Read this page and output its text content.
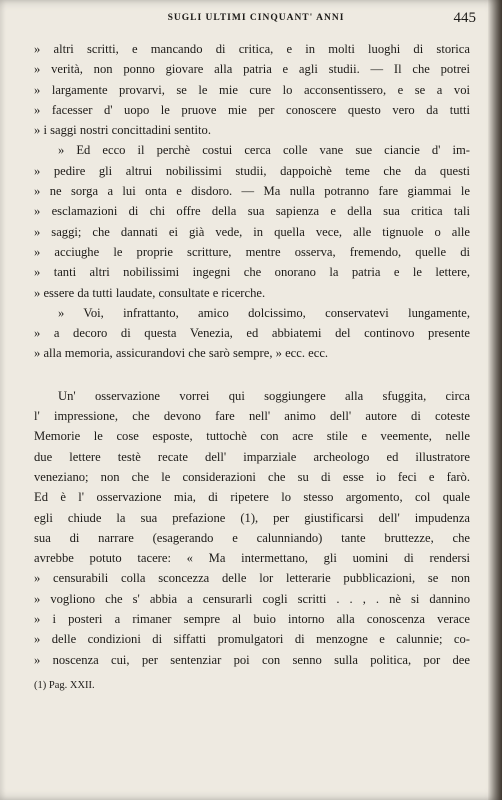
SUGLI ULTIMI CINQUANT' ANNI	445
» altri scritti, e mancando di critica, e in molti luoghi di storica
» verità, non ponno giovare alla patria e agli studii. — Il che potrei
» largamente provarvi, se le mie cure lo acconsentissero, e se a voi
» facesser d' uopo le pruove mie per conoscere questo vero da tutti
» i saggi nostri concittadini sentito.
» Ed ecco il perchè costui cerca colle vane sue ciancie d' im-
» pedire gli altrui nobilissimi studii, dappoichè teme che da questi
» ne sorga a lui onta e disdoro. — Ma nulla potranno fare giammai le
» esclamazioni di chi offre della sua sapienza e della sua critica tali
» saggi; che dannati ei già vede, in quella vece, alle tignuole o alle
» acciughe le proprie scritture, mentre osserva, fremendo, quelle di
» tanti altri nobilissimi ingegni che onorano la patria e le lettere,
» essere da tutti laudate, consultate e ricerche.
» Voi, infrattanto, amico dolcissimo, conservatevi lungamente,
» a decoro di questa Venezia, ed abbiatemi del continovo presente
» alla memoria, assicurandovi che sarò sempre, » ecc. ecc.
Un' osservazione vorrei qui soggiungere alla sfuggita, circa
l' impressione, che devono fare nell' animo dell' autore di coteste
Memorie le cose esposte, tuttochè con acre stile e veemente, nelle
due lettere testè recate dell' imparziale archeologo ed illustratore
veneziano; non che le considerazioni che su di esse io feci e farò.
Ed è l' osservazione mia, di ripetere lo stesso argomento, col quale
egli chiude la sua prefazione (1), per giustificarsi dell' impudenza
sua di narrare (esagerando e calunniando) tante bruttezze, che
avrebbe potuto tacere: « Ma intermettano, gli uomini di rendersi
» censurabili colla sconcezza delle lor letterarie pubblicazioni, se non
» vogliono che s' abbia a censurarli cogli scritti . . , . nè si dannino
» i posteri a rimaner sempre al buio intorno alla conoscenza verace
» delle condizioni di siffatti promulgatori di menzogne e calunnie; co-
» noscenza cui, per sentenziar poi con senno sulla politica, por dee
(1) Pag. XXII.
